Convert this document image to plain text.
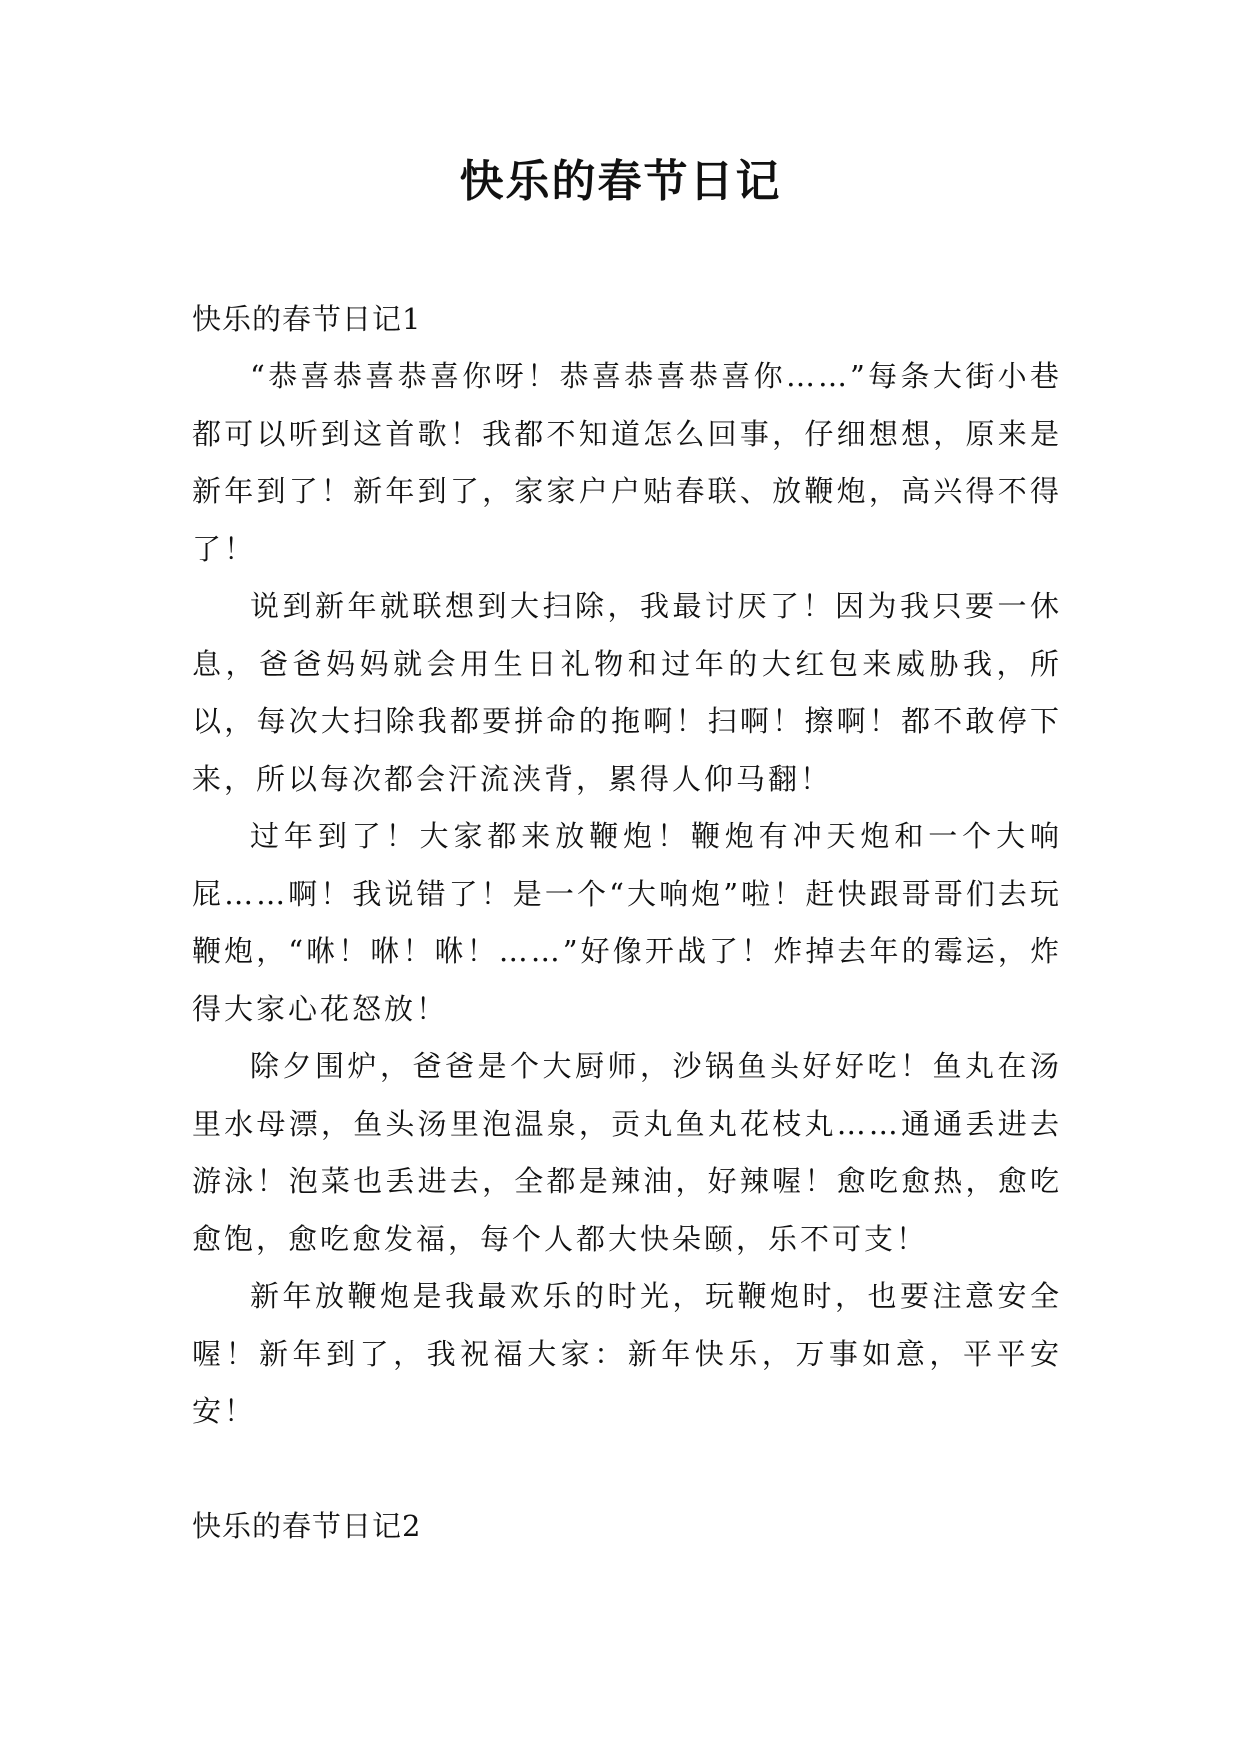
快乐的春节日记

快乐的春节日记1

“恭喜恭喜恭喜你呀！恭喜恭喜恭喜你……”每条大街小巷都可以听到这首歌！我都不知道怎么回事，仔细想想，原来是新年到了！新年到了，家家户户贴春联、放鞭炮，高兴得不得了！

说到新年就联想到大扫除，我最讨厌了！因为我只要一休息，爸爸妈妈就会用生日礼物和过年的大红包来威胁我，所以，每次大扫除我都要拼命的拖啊！扫啊！擦啊！都不敢停下来，所以每次都会汗流浃背，累得人仰马翻！

过年到了！大家都来放鞭炮！鞭炮有冲天炮和一个大响屁……啊！我说错了！是一个“大响炮”啦！赶快跟哥哥们去玩鞭炮，“咻！咻！咻！……”好像开战了！炸掉去年的霉运，炸得大家心花怒放！

除夕围炉，爸爸是个大厨师，沙锅鱼头好好吃！鱼丸在汤里水母漂，鱼头汤里泡温泉，贡丸鱼丸花枝丸……通通丢进去游泳！泡菜也丢进去，全都是辣油，好辣喔！愈吃愈热，愈吃愈饱，愈吃愈发福，每个人都大快朵颐，乐不可支！

新年放鞭炮是我最欢乐的时光，玩鞭炮时，也要注意安全喔！新年到了，我祝福大家：新年快乐，万事如意，平平安安！

快乐的春节日记2
